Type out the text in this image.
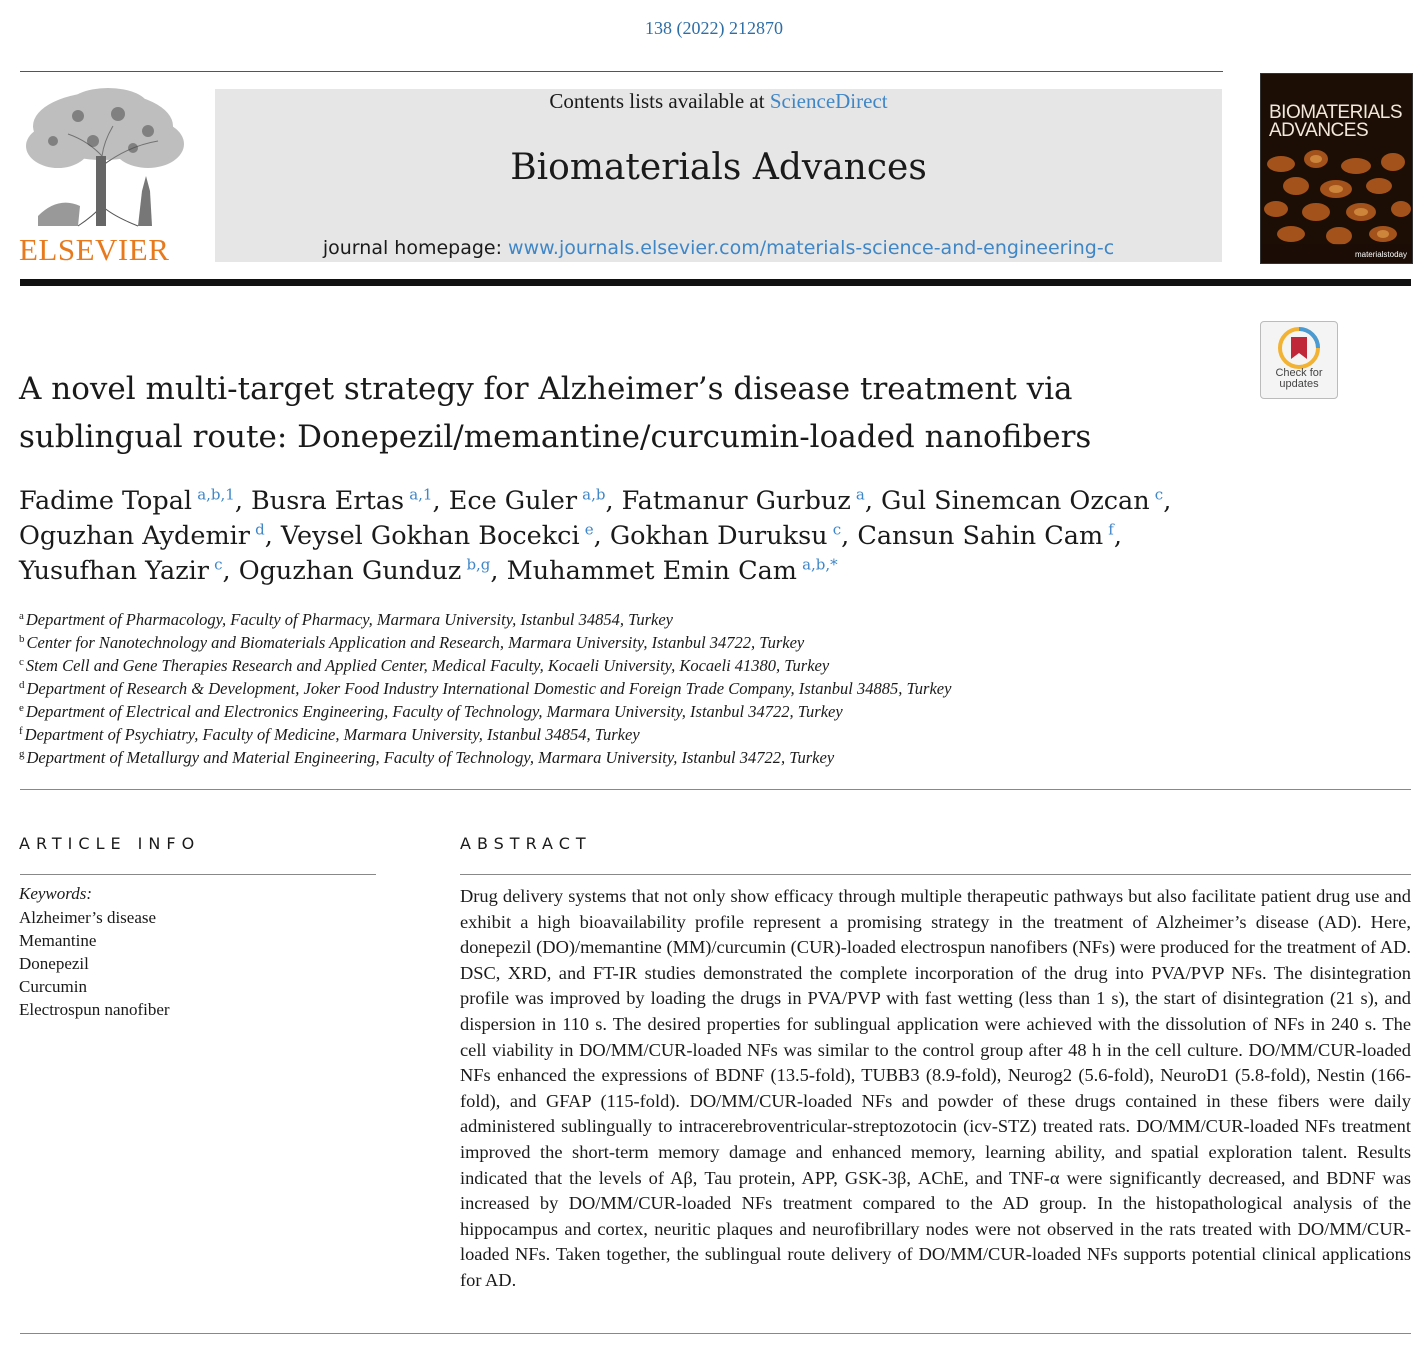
138 (2022) 212870
ELSEVIER
Contents lists available at ScienceDirect
Biomaterials Advances
journal homepage: www.journals.elsevier.com/materials-science-and-engineering-c
BIOMATERIALS
ADVANCES
materialstoday
Check for
updates
A novel multi-target strategy for Alzheimer’s disease treatment via
sublingual route: Donepezil/memantine/curcumin-loaded nanofibers
Fadime Topal  $^{a,b,1}$, Busra Ertas  $^{a,1}$, Ece Guler  $^{a,b}$, Fatmanur Gurbuz  $^a$, Gul Sinemcan Ozcan  $^c$,
Oguzhan Aydemir  $^d$, Veysel Gokhan Bocekci  $^e$, Gokhan Duruksu  $^c$, Cansun Sahin Cam  $^f$,
Yusufhan Yazir  $^c$, Oguzhan Gunduz  $^{b,g}$, Muhammet Emin Cam  $^{a,b,*}$
$^a$ Department of Pharmacology, Faculty of Pharmacy, Marmara University, Istanbul 34854, Turkey
$^b$ Center for Nanotechnology and Biomaterials Application and Research, Marmara University, Istanbul 34722, Turkey
$^c$ Stem Cell and Gene Therapies Research and Applied Center, Medical Faculty, Kocaeli University, Kocaeli 41380, Turkey
$^d$ Department of Research & Development, Joker Food Industry International Domestic and Foreign Trade Company, Istanbul 34885, Turkey
$^e$ Department of Electrical and Electronics Engineering, Faculty of Technology, Marmara University, Istanbul 34722, Turkey
$^f$ Department of Psychiatry, Faculty of Medicine, Marmara University, Istanbul 34854, Turkey
$^g$ Department of Metallurgy and Material Engineering, Faculty of Technology, Marmara University, Istanbul 34722, Turkey
ARTICLE INFO
Keywords:
Alzheimer’s disease
Memantine
Donepezil
Curcumin
Electrospun nanofiber
ABSTRACT
Drug delivery systems that not only show efficacy through multiple therapeutic pathways but also facilitate patient drug use and exhibit a high bioavailability profile represent a promising strategy in the treatment of Alzheimer’s disease (AD). Here, donepezil (DO)/memantine (MM)/curcumin (CUR)-loaded electrospun nanofibers (NFs) were produced for the treatment of AD. DSC, XRD, and FT-IR studies demonstrated the complete incorporation of the drug into PVA/PVP NFs. The disintegration profile was improved by loading the drugs in PVA/PVP with fast wetting (less than 1 s), the start of disintegration (21 s), and dispersion in 110 s. The desired properties for sublingual application were achieved with the dissolution of NFs in 240 s. The cell viability in DO/​MM/CUR-loaded NFs was similar to the control group after 48 h in the cell culture. DO/MM/CUR-loaded NFs enhanced the expressions of BDNF (13.5-fold), TUBB3 (8.9-fold), Neurog2 (5.6-fold), NeuroD1 (5.8-fold), Nestin (166-fold), and GFAP (115-fold). DO/MM/CUR-loaded NFs and powder of these drugs contained in these fibers were daily administered sublingually to intracerebroventricular-streptozotocin (icv-STZ) treated rats. DO/MM/​CUR-loaded NFs treatment improved the short-term memory damage and enhanced memory, learning ability, and spatial exploration talent. Results indicated that the levels of Aβ, Tau protein, APP, GSK-3β, AChE, and TNF-α were significantly decreased, and BDNF was increased by DO/MM/CUR-loaded NFs treatment compared to the AD group. In the histopathological analysis of the hippocampus and cortex, neuritic plaques and neurofibrillary nodes were not observed in the rats treated with DO/MM/CUR-loaded NFs. Taken together, the sublingual route delivery of DO/MM/CUR-loaded NFs supports potential clinical applications for AD.
